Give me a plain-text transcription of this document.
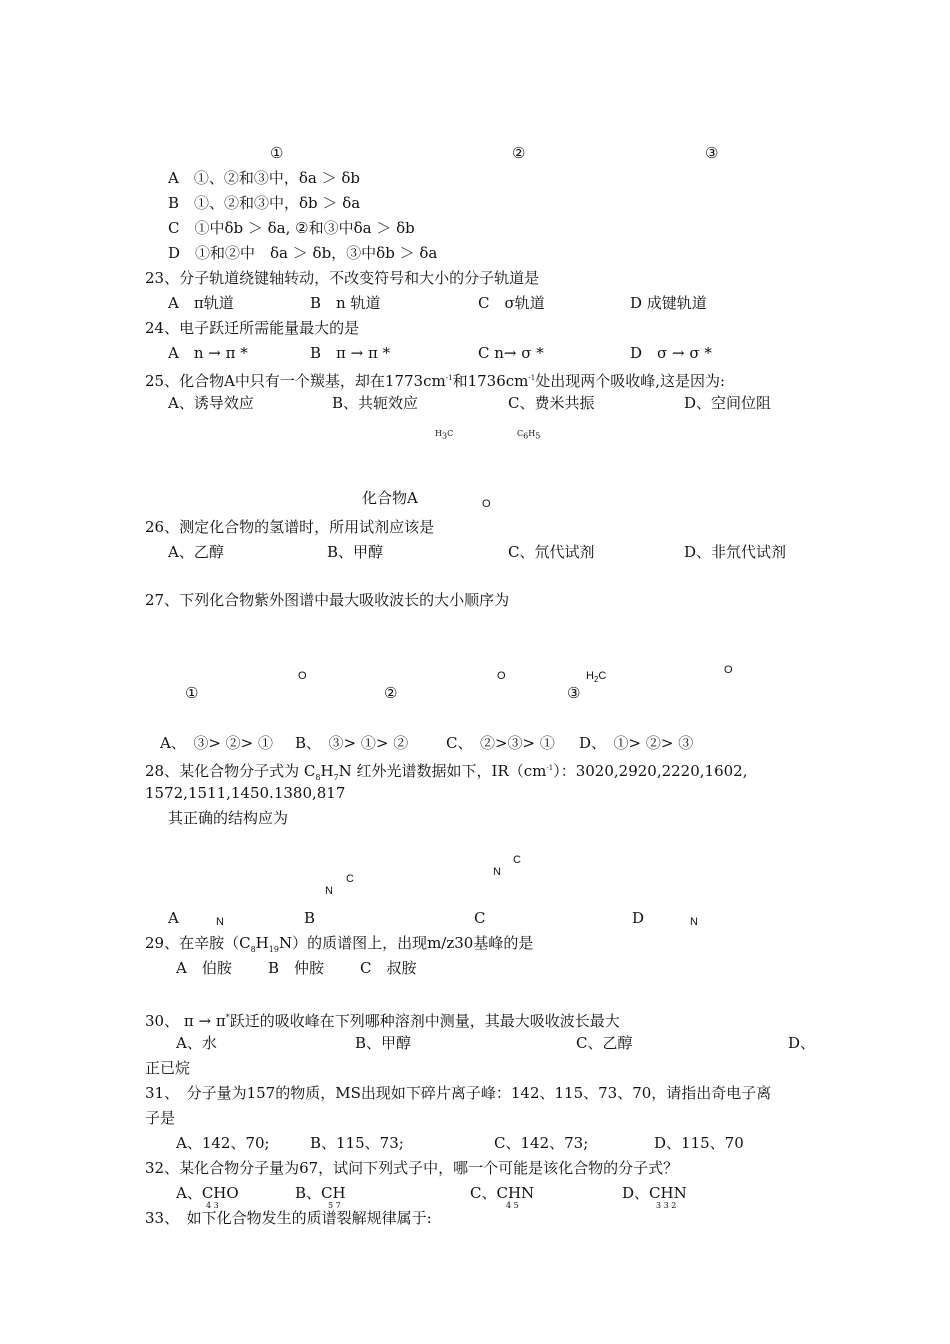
①	②	③
A　①、②和③中，δa ＞ δb
B　①、②和③中，δb ＞ δa
C　①中δb ＞ δa, ②和③中δa ＞ δb
D　①和②中　δa ＞ δb，③中δb ＞ δa
23、分子轨道绕键轴转动，不改变符号和大小的分子轨道是
A　π轨道	B　n 轨道	C　σ轨道	D 成键轨道
24、电子跃迁所需能量最大的是
A　n → π *	B　π → π *	C n→ σ *	D　σ → σ *
25、化合物A中只有一个羰基，却在$1773cm^{-1}$和$1736cm^{-1}$处出现两个吸收峰,这是因为:
A、诱导效应	B、共轭效应	C、费米共振	D、空间位阻
$H_3C$	$C_6H_5$
化合物A	O
26、测定化合物的氢谱时，所用试剂应该是
A、乙醇	B、甲醇	C、氘代试剂	D、非氘代试剂
27、下列化合物紫外图谱中最大吸收波长的大小顺序为
O	O	$H_2C$	O
①	②	③
A、　③> ②> ① B、　③> ①> ②	C、　②>③> ① D、　①> ②> ③
28、某化合物分子式为 $C_8H_7N$ 红外光谱数据如下，$IR(cm^{-1})$：3020,2920,2220,1602,
1572,1511,1450.1380,817
其正确的结构应为
C
N
C
N
A	N	B	C	D	N
29、在辛胺$(C_8H_{19}N)$的质谱图上，出现m/z30基峰的是
A　伯胺 B　仲胺 C　叔胺
30、 π → π*跃迁的吸收峰在下列哪种溶剂中测量，其最大吸收波长最大
A、水	B、甲醇	C、乙醇	D、
正已烷
31、　分子量为157的物质，MS出现如下碎片离子峰：142、115、73、70，请指出奇电子离
子是
A、142、70;	B、115、73;	C、142、73;	D、115、70
32、某化合物分子量为67，试问下列式子中，哪一个可能是该化合物的分子式？
A、CHO
4 3
B、CH
5 7
C、CHN
4 5
D、CHN
3 3 2
33、　如下化合物发生的质谱裂解规律属于:
